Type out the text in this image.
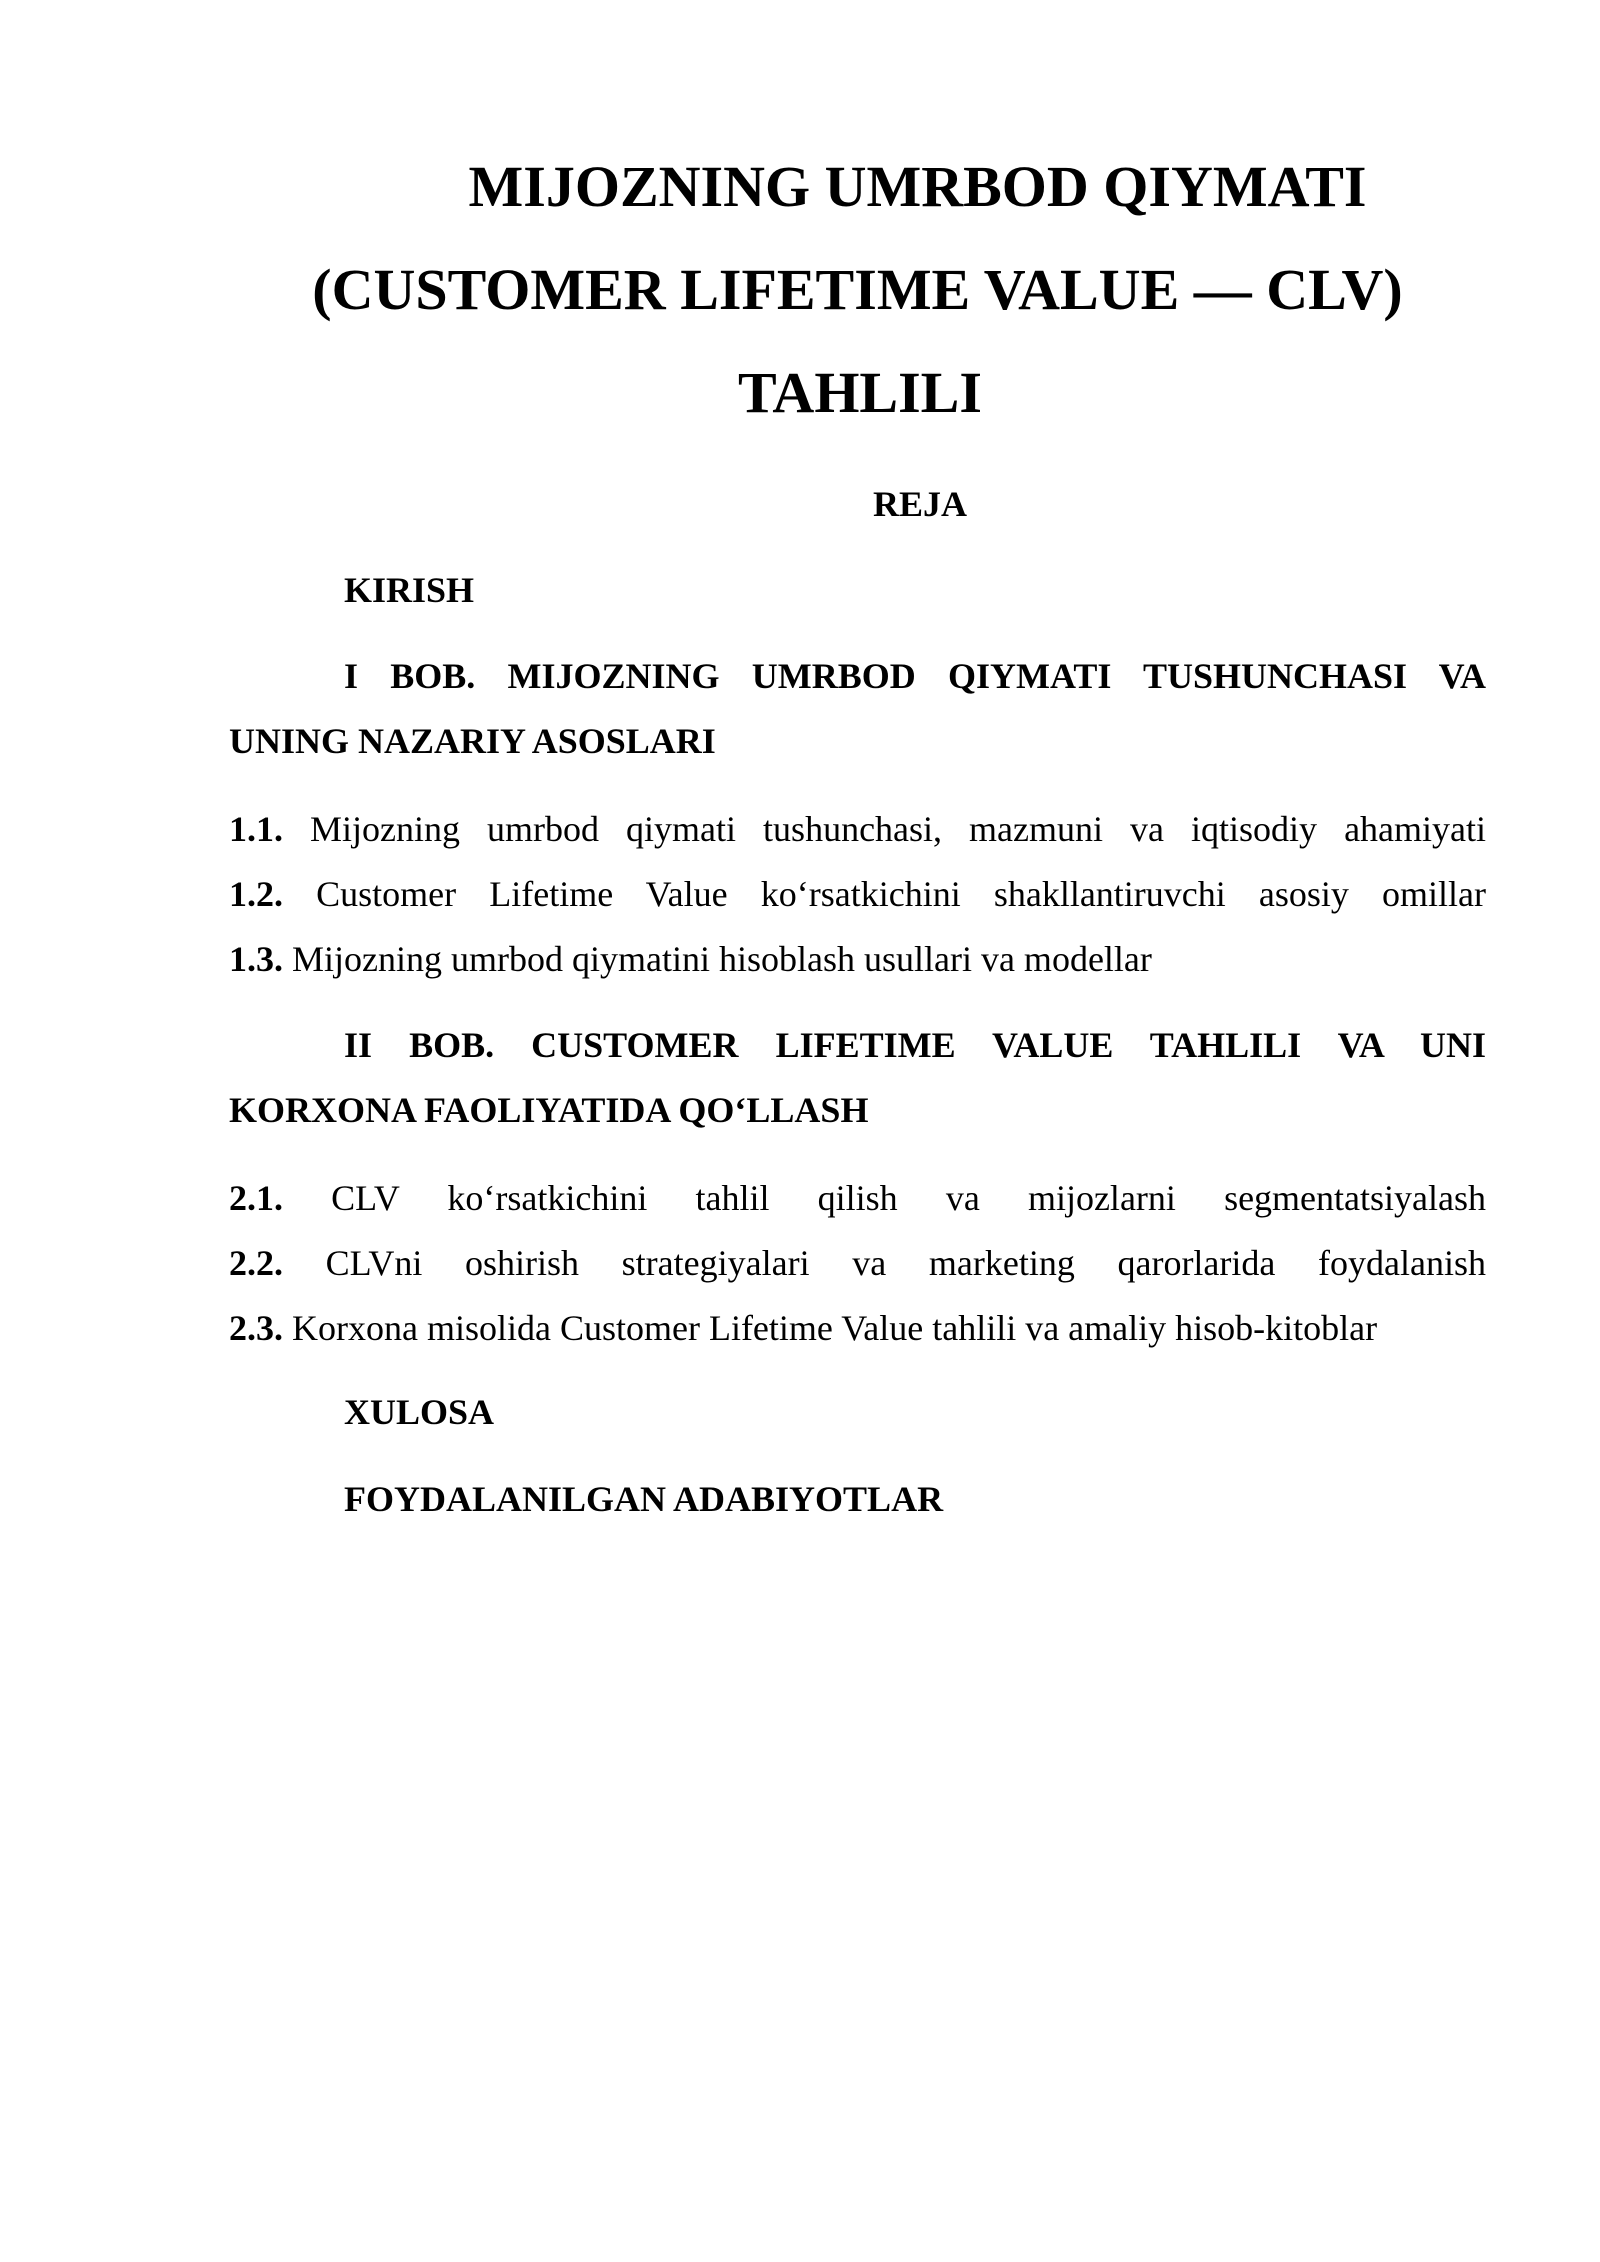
MIJOZNING UMRBOD QIYMATI
(CUSTOMER LIFETIME VALUE — CLV)
TAHLILI
REJA
KIRISH
I BOB. MIJOZNING UMRBOD QIYMATI TUSHUNCHASI VA
UNING NAZARIY ASOSLARI
1.1. Mijozning umrbod qiymati tushunchasi, mazmuni va iqtisodiy ahamiyati
1.2. Customer Lifetime Value ko‘rsatkichini shakllantiruvchi asosiy omillar
1.3. Mijozning umrbod qiymatini hisoblash usullari va modellar
II BOB. CUSTOMER LIFETIME VALUE TAHLILI VA UNI
KORXONA FAOLIYATIDA QO‘LLASH
2.1. CLV ko‘rsatkichini tahlil qilish va mijozlarni segmentatsiyalash
2.2. CLVni oshirish strategiyalari va marketing qarorlarida foydalanish
2.3. Korxona misolida Customer Lifetime Value tahlili va amaliy hisob-kitoblar
XULOSA
FOYDALANILGAN ADABIYOTLAR
